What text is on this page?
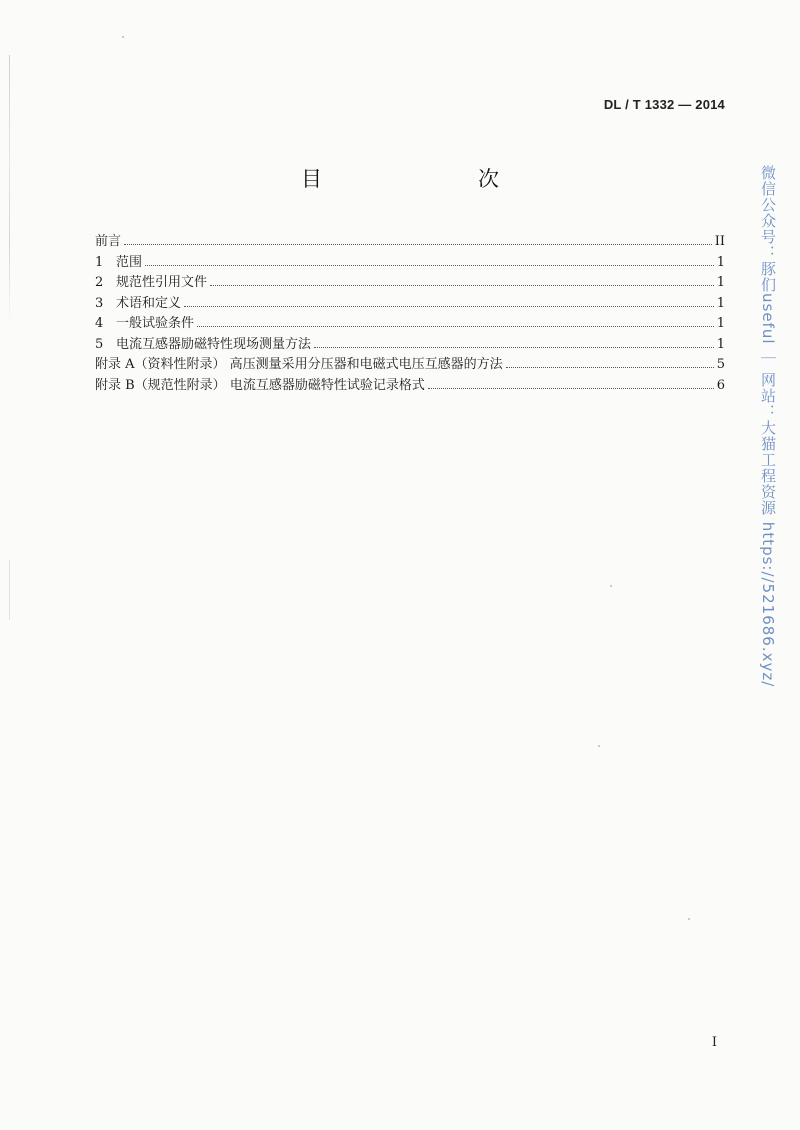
DL / T 1332 — 2014
目　　次
前言	II
1 范围	1
2 规范性引用文件	1
3 术语和定义	1
4 一般试验条件	1
5 电流互感器励磁特性现场测量方法	1
附录 A（资料性附录） 高压测量采用分压器和电磁式电压互感器的方法	5
附录 B（规范性附录） 电流互感器励磁特性试验记录格式	6 微信公众号：豚们useful ｜ 网站：大猫工程资源 https://521686.xyz/
I
